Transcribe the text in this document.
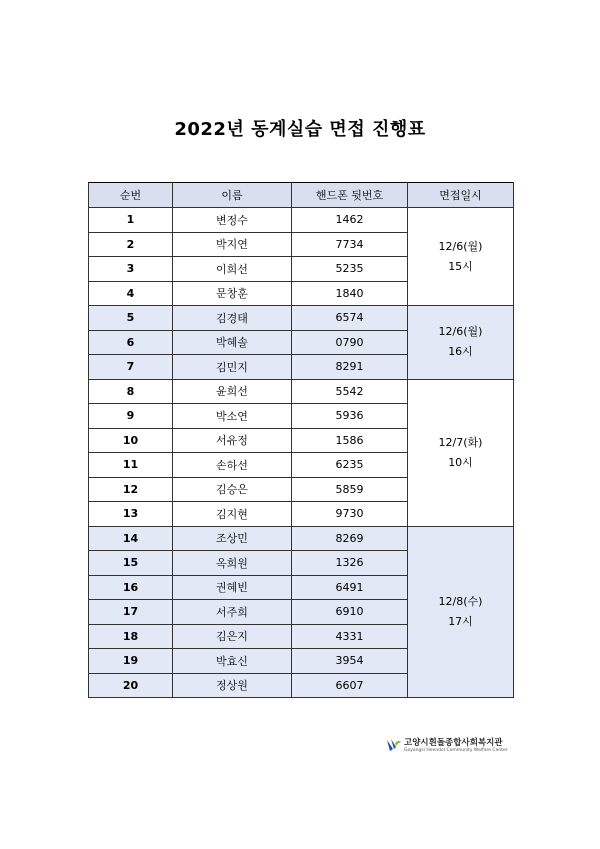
2022년 동계실습 면접 진행표
순번	이름	핸드폰 뒷번호	면접일시
1	변정수	1462	12/6(월)
15시
2	박지연	7734	
3	이희선	5235	
4	문창훈	1840	
5	김경태	6574	12/6(월)
16시
6	박혜솔	0790	
7	김민지	8291	
8	윤희선	5542	12/7(화)
10시
9	박소연	5936	
10	서유정	1586	
11	손하선	6235	
12	김승은	5859	
13	김지현	9730	
14	조상민	8269	12/8(수)
17시
15	옥희원	1326	
16	권혜빈	6491	
17	서주희	6910	
18	김은지	4331	
19	박효신	3954	
20	정상원	6607	
고양시흰돌종합사회복지관
Goyangsi Heendol Community Welfare Center
